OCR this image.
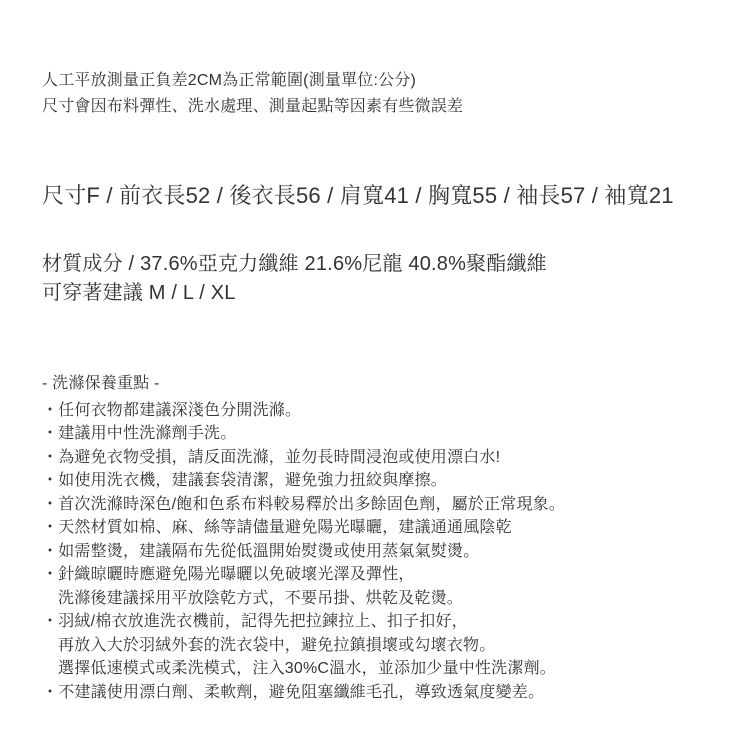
人工平放測量正負差2CM為正常範圍(測量單位:公分)
尺寸會因布料彈性、洗水處理、測量起點等因素有些微誤差
尺寸F / 前衣長52 / 後衣長56 / 肩寬41 / 胸寬55 / 袖長57 / 袖寬21
材質成分 / 37.6%亞克力纖維 21.6%尼龍 40.8%聚酯纖維
可穿著建議 M / L / XL
- 洗滌保養重點 -
・任何衣物都建議深淺色分開洗滌。
・建議用中性洗滌劑手洗。
・為避免衣物受損，請反面洗滌，並勿長時間浸泡或使用漂白水!
・如使用洗衣機，建議套袋清潔，避免強力扭絞與摩擦。
・首次洗滌時深色/飽和色系布料較易釋於出多餘固色劑，屬於正常現象。
・天然材質如棉、麻、絲等請儘量避免陽光曝曬，建議通通風陰乾
・如需整燙，建議隔布先從低溫開始熨燙或使用蒸氣氣熨燙。
・針織晾曬時應避免陽光曝曬以免破壞光澤及彈性，
洗滌後建議採用平放陰乾方式，不要吊掛、烘乾及乾燙。
・羽絨/棉衣放進洗衣機前，記得先把拉鍊拉上、扣子扣好，
再放入大於羽絨外套的洗衣袋中，避免拉鎮損壞或勾壞衣物。
選擇低速模式或柔洗模式，注入30%C溫水，並添加少量中性洗潔劑。
・不建議使用漂白劑、柔軟劑，避免阻塞纖維毛孔，導致透氣度變差。
